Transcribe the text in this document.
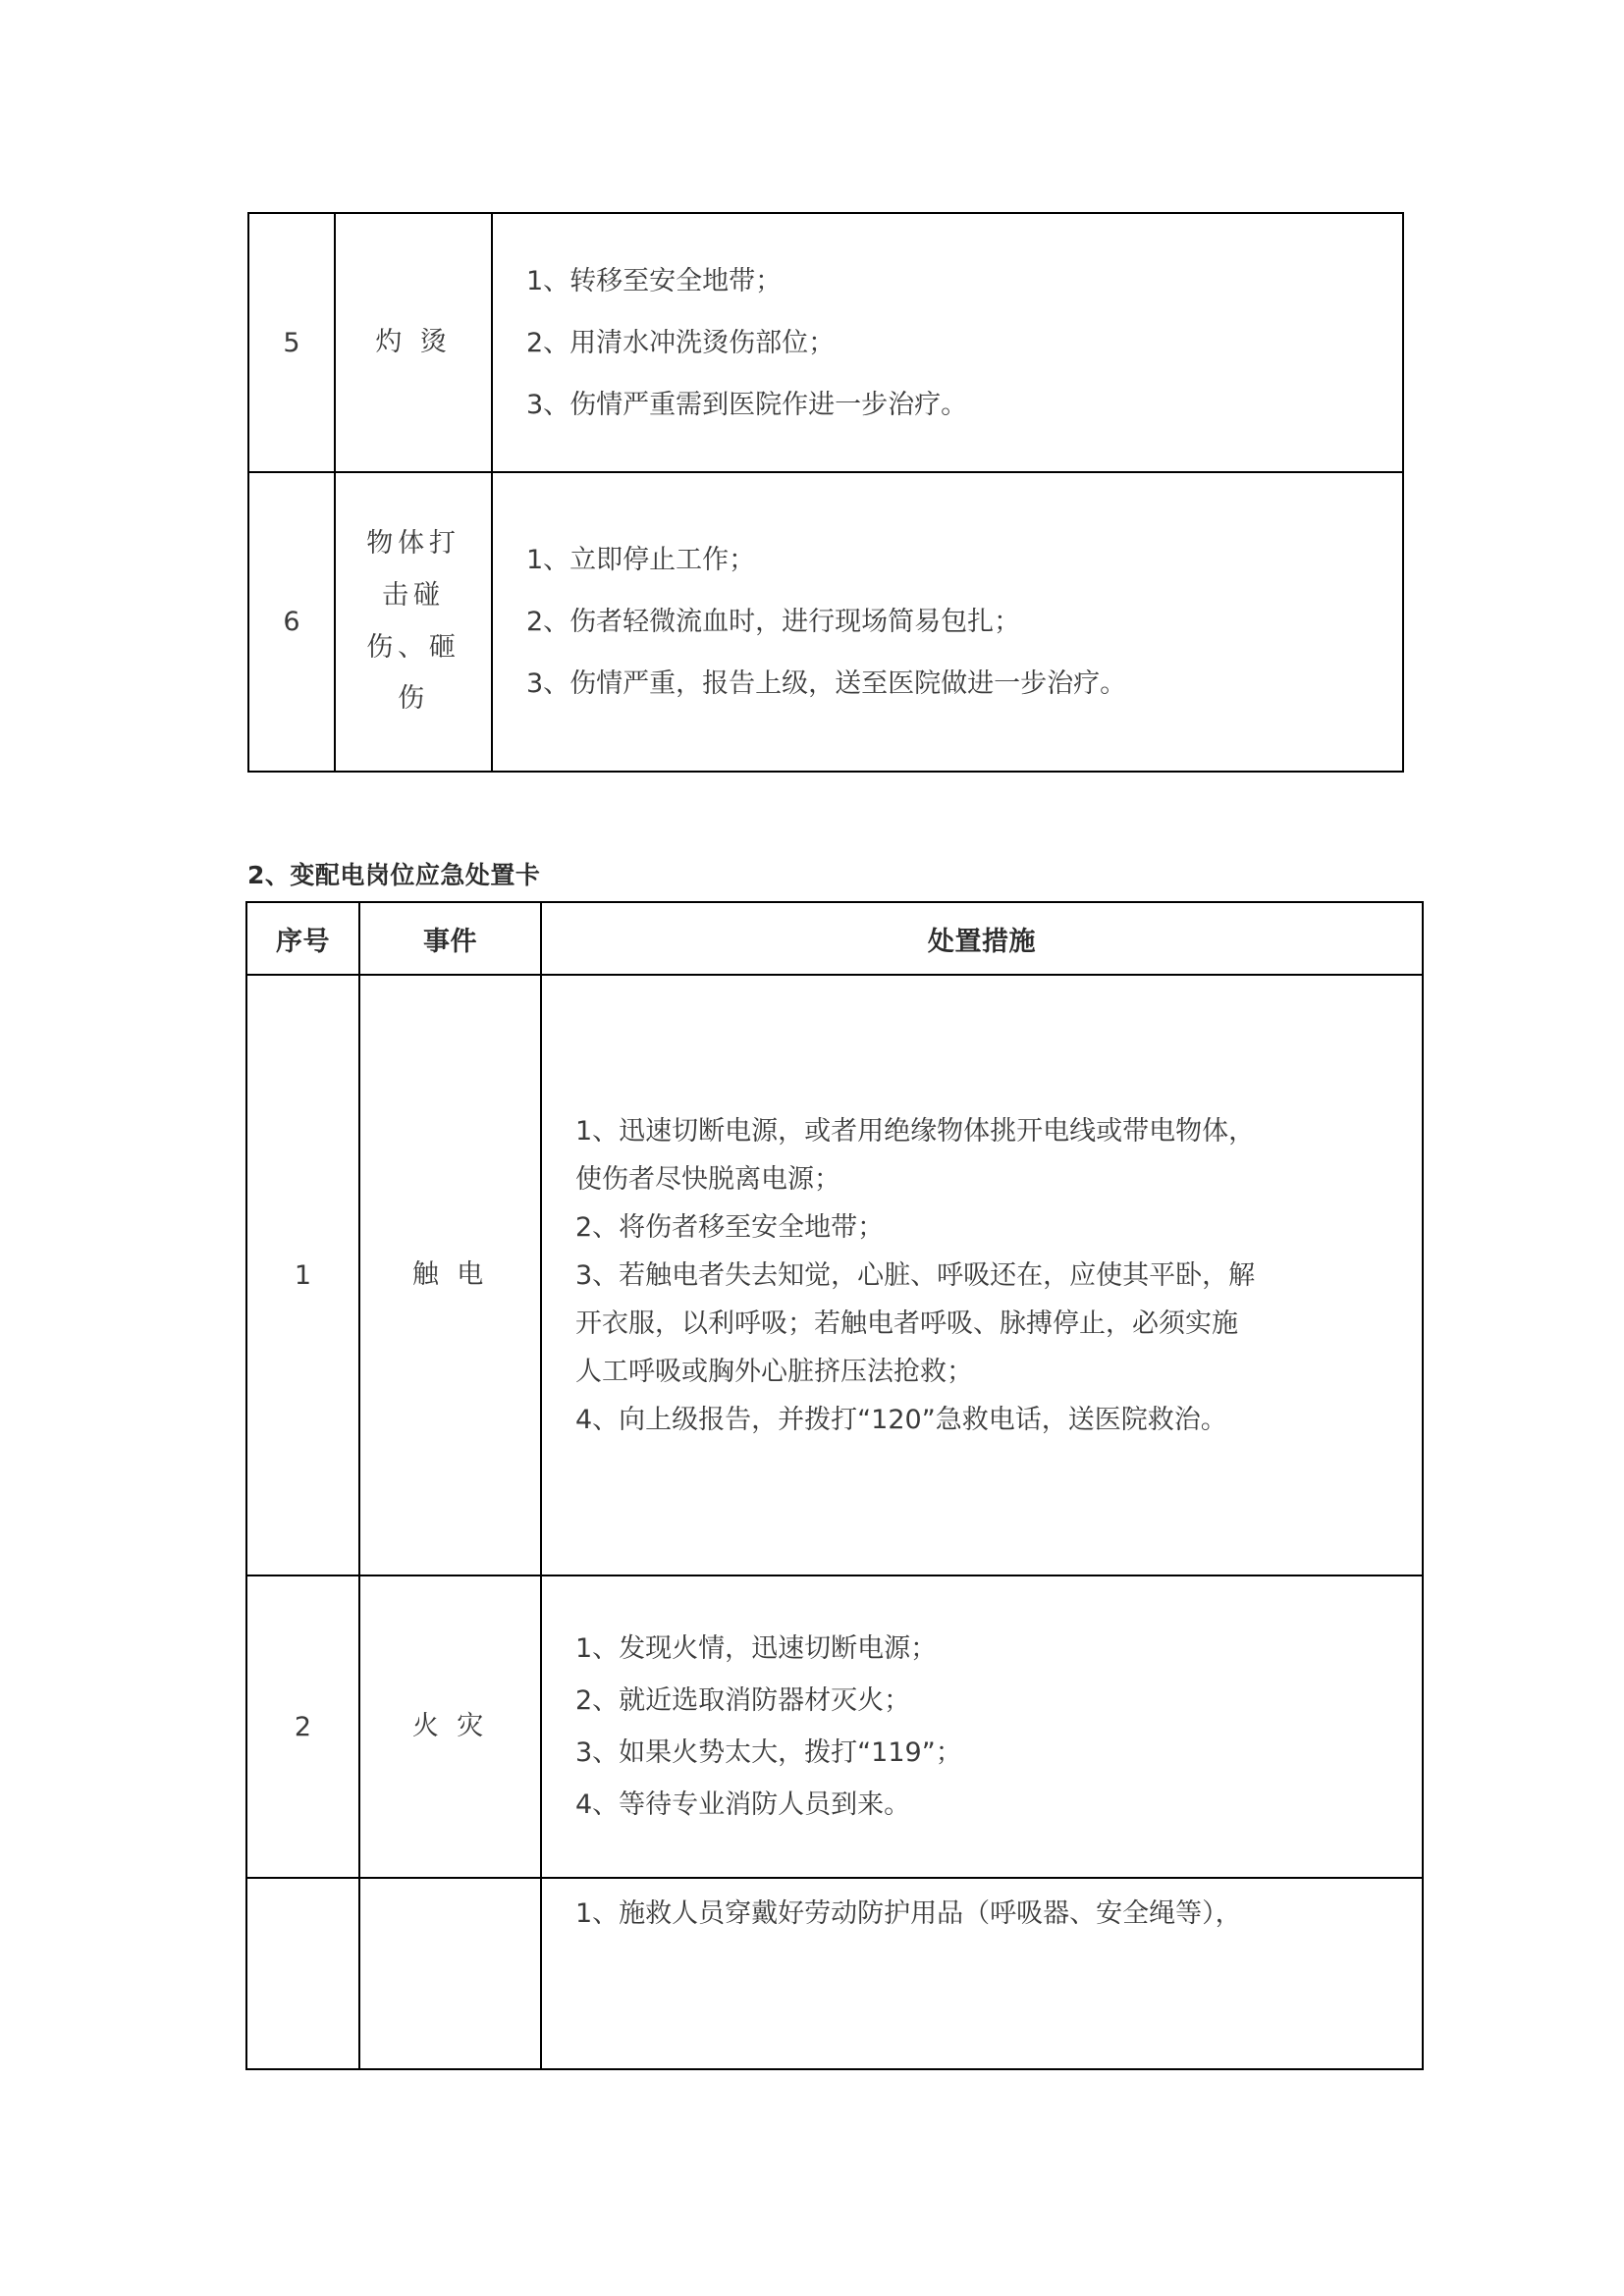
5	灼 烫	1、转移至安全地带；
2、用清水冲洗烫伤部位；
3、伤情严重需到医院作进一步治疗。

6	物体打
击碰
伤、砸
伤	1、立即停止工作；
2、伤者轻微流血时，进行现场简易包扎；
3、伤情严重，报告上级，送至医院做进一步治疗。
2、变配电岗位应急处置卡
序号	事件	处置措施
1	触 电

1、迅速切断电源，或者用绝缘物体挑开电线或带电物体，
使伤者尽快脱离电源；
2、将伤者移至安全地带；
3、若触电者失去知觉，心脏、呼吸还在，应使其平卧，解
开衣服，以利呼吸；若触电者呼吸、脉搏停止，必须实施
人工呼吸或胸外心脏挤压法抢救；
4、向上级报告，并拨打“120”急救电话，送医院救治。

2	火 灾	1、发现火情，迅速切断电源；
2、就近选取消防器材灭火；
3、如果火势太大，拨打“119”；
4、等待专业消防人员到来。

		1、施救人员穿戴好劳动防护用品（呼吸器、安全绳等），
